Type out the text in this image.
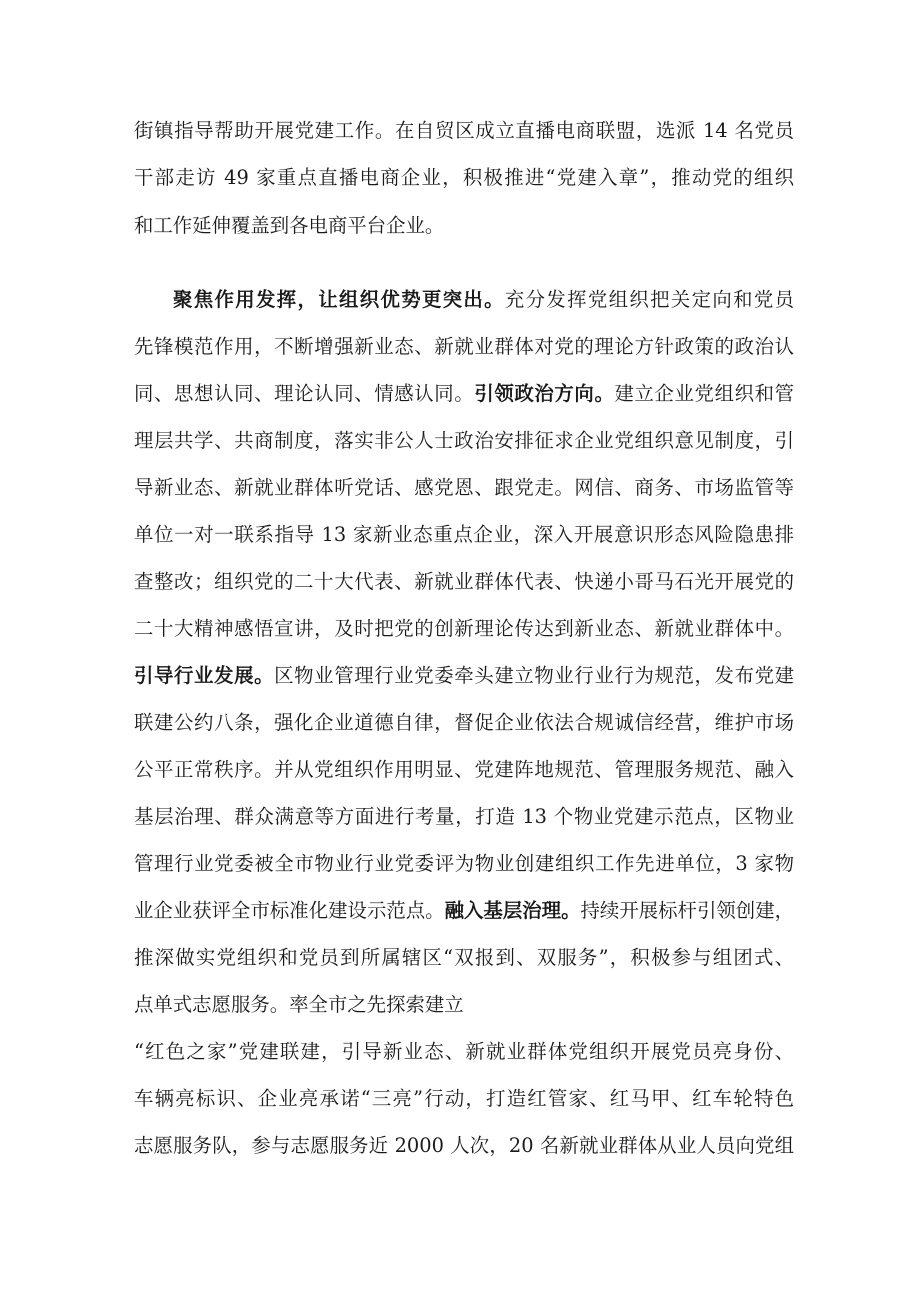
街镇指导帮助开展党建工作。在自贸区成立直播电商联盟，选派 14 名党员
干部走访 49 家重点直播电商企业，积极推进“党建入章”，推动党的组织
和工作延伸覆盖到各电商平台企业。
聚焦作用发挥，让组织优势更突出。充分发挥党组织把关定向和党员
先锋模范作用，不断增强新业态、新就业群体对党的理论方针政策的政治认
同、思想认同、理论认同、情感认同。引领政治方向。建立企业党组织和管
理层共学、共商制度，落实非公人士政治安排征求企业党组织意见制度，引
导新业态、新就业群体听党话、感党恩、跟党走。网信、商务、市场监管等
单位一对一联系指导 13 家新业态重点企业，深入开展意识形态风险隐患排
查整改；组织党的二十大代表、新就业群体代表、快递小哥马石光开展党的
二十大精神感悟宣讲，及时把党的创新理论传达到新业态、新就业群体中。
引导行业发展。区物业管理行业党委牵头建立物业行业行为规范，发布党建
联建公约八条，强化企业道德自律，督促企业依法合规诚信经营，维护市场
公平正常秩序。并从党组织作用明显、党建阵地规范、管理服务规范、融入
基层治理、群众满意等方面进行考量，打造 13 个物业党建示范点，区物业
管理行业党委被全市物业行业党委评为物业创建组织工作先进单位，3 家物
业企业获评全市标准化建设示范点。融入基层治理。持续开展标杆引领创建，
推深做实党组织和党员到所属辖区“双报到、双服务”，积极参与组团式、
点单式志愿服务。率全市之先探索建立
“红色之家”党建联建，引导新业态、新就业群体党组织开展党员亮身份、
车辆亮标识、企业亮承诺“三亮”行动，打造红管家、红马甲、红车轮特色
志愿服务队，参与志愿服务近 2000 人次，20 名新就业群体从业人员向党组
